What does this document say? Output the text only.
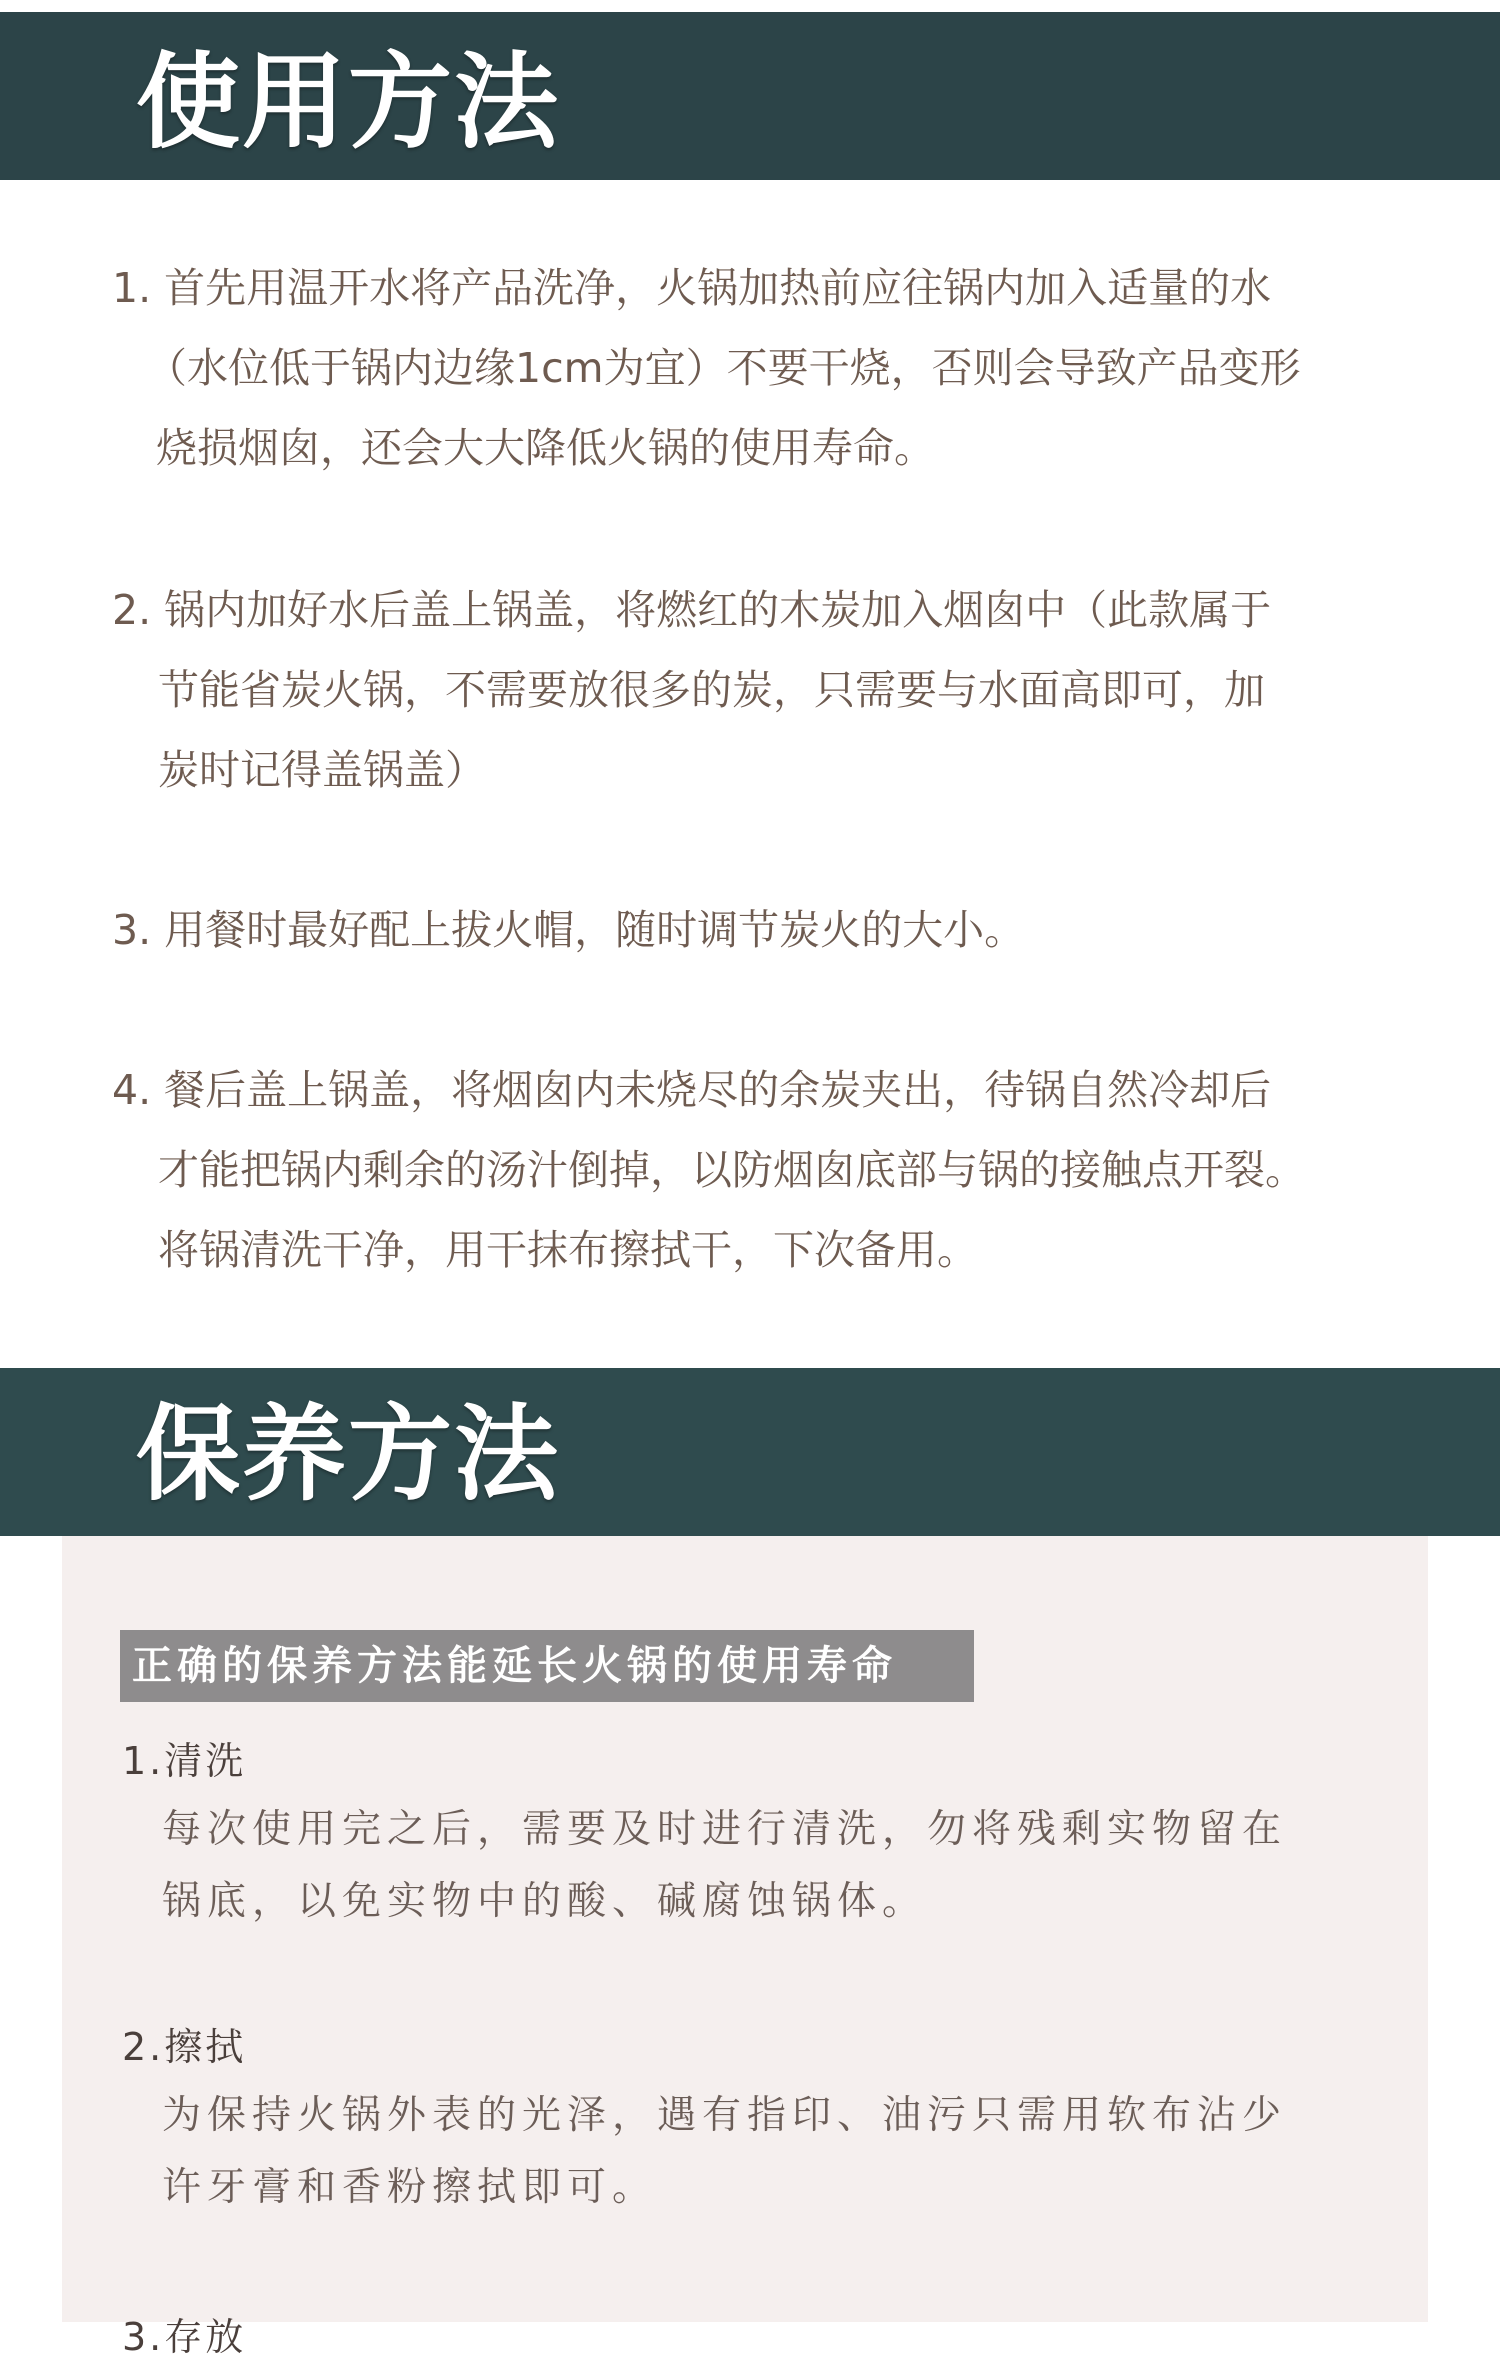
使用方法
1. 首先用温开水将产品洗净，火锅加热前应往锅内加入适量的水
（水位低于锅内边缘1cm为宜）不要干烧，否则会导致产品变形
烧损烟囱，还会大大降低火锅的使用寿命。
2. 锅内加好水后盖上锅盖，将燃红的木炭加入烟囱中（此款属于
节能省炭火锅，不需要放很多的炭，只需要与水面高即可，加
炭时记得盖锅盖）
3. 用餐时最好配上拔火帽，随时调节炭火的大小。
4. 餐后盖上锅盖，将烟囱内未烧尽的余炭夹出，待锅自然冷却后
才能把锅内剩余的汤汁倒掉，以防烟囱底部与锅的接触点开裂。
将锅清洗干净，用干抹布擦拭干，下次备用。
保养方法
正确的保养方法能延长火锅的使用寿命
1.清洗
每次使用完之后，需要及时进行清洗，勿将残剩实物留在
锅底，以免实物中的酸、碱腐蚀锅体。
2.擦拭
为保持火锅外表的光泽，遇有指印、油污只需用软布沾少
许牙膏和香粉擦拭即可。
3.存放
